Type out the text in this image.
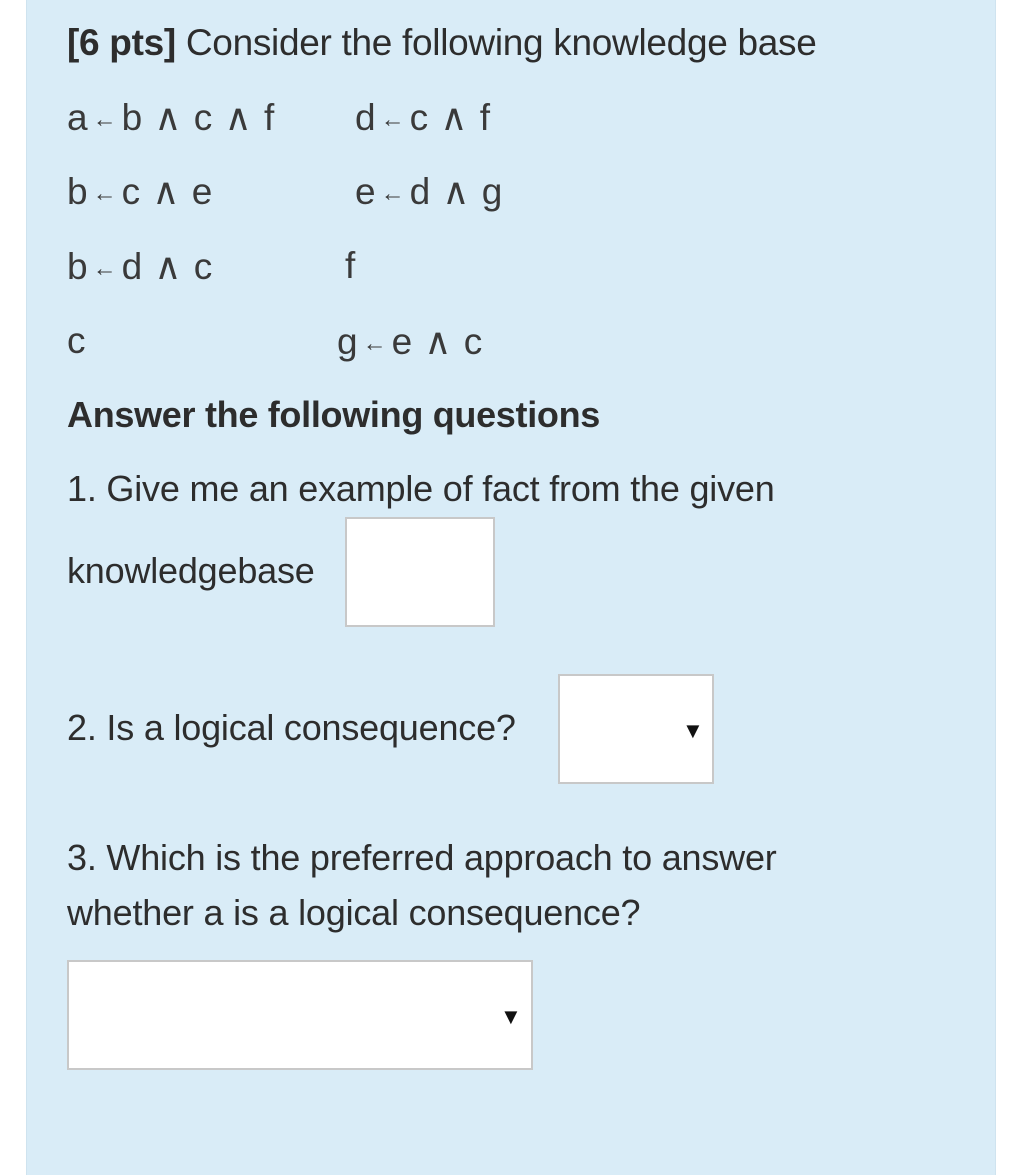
[6 pts] Consider the following knowledge base
a ← b ∧ c ∧ f
b ← c ∧ e
b ← d ∧ c
c
d ← c ∧ f
e ← d ∧ g
f
g ← e ∧ c
Answer the following questions
1. Give me an example of fact from the given
knowledgebase
2. Is a logical consequence?	▼
3. Which is the preferred approach to answer
whether a is a logical consequence?
▼
